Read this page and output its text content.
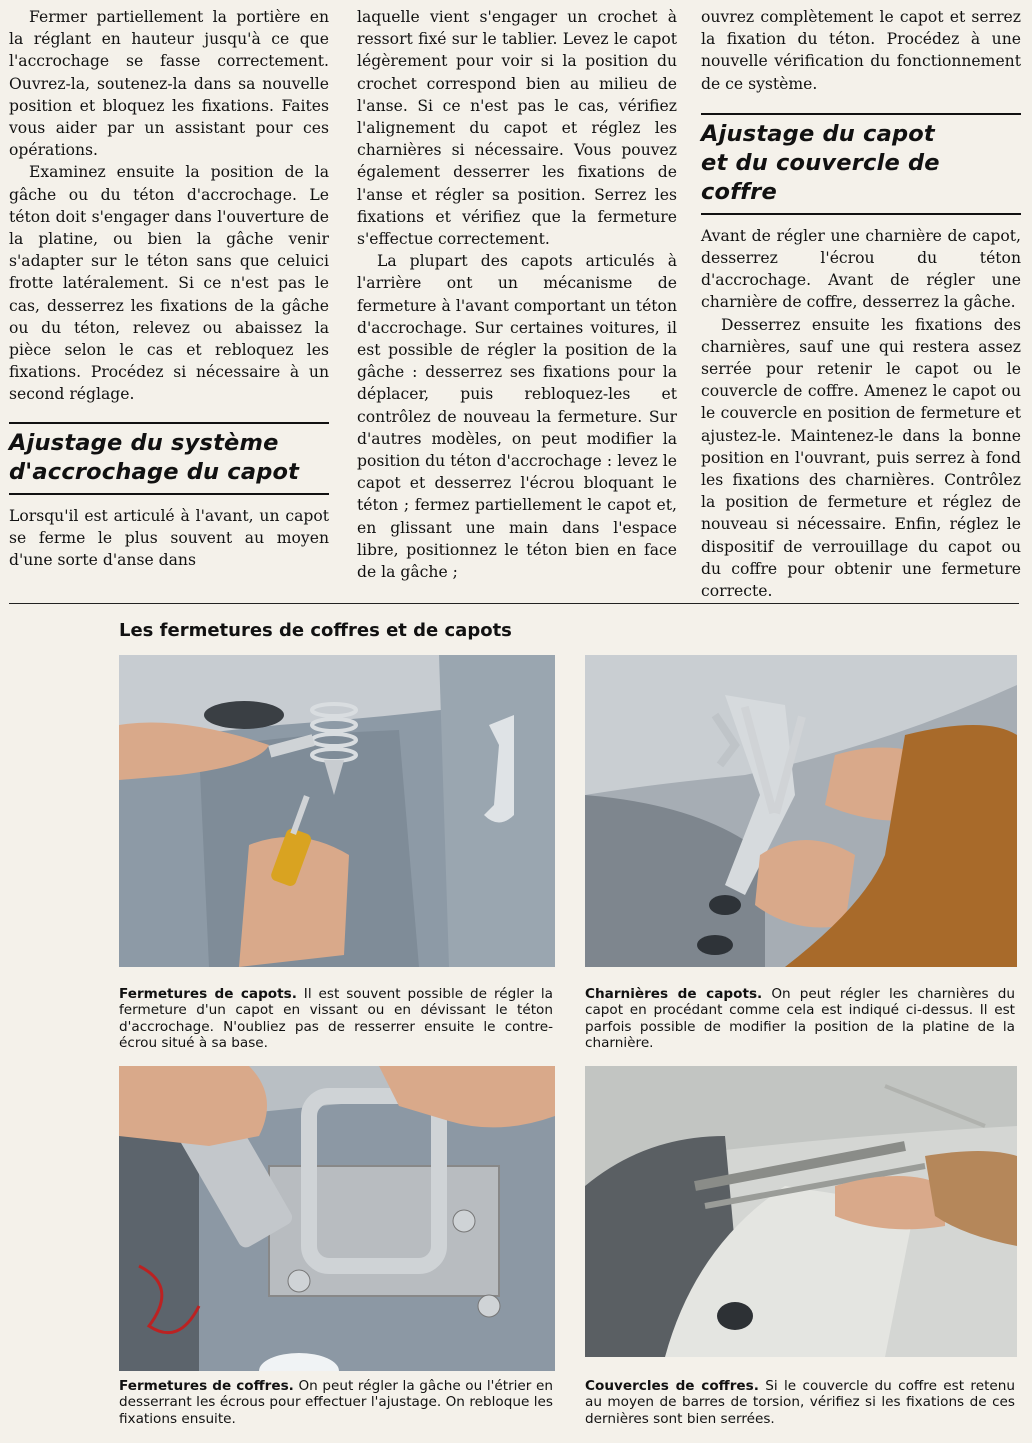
Fermer partiellement la portière en la réglant en hauteur jusqu'à ce que l'accrochage se fasse correctement. Ouvrez-la, soutenez-la dans sa nouvelle position et bloquez les fixations. Faites vous aider par un assistant pour ces opérations.

Examinez ensuite la position de la gâche ou du téton d'accrochage. Le téton doit s'engager dans l'ouverture de la platine, ou bien la gâche venir s'adapter sur le téton sans que celuici frotte latéralement. Si ce n'est pas le cas, desserrez les fixations de la gâche ou du téton, relevez ou abaissez la pièce selon le cas et rebloquez les fixations. Procédez si nécessaire à un second réglage.

Ajustage du système
d'accrochage du capot

Lorsqu'il est articulé à l'avant, un capot se ferme le plus souvent au moyen d'une sorte d'anse dans

laquelle vient s'engager un crochet à ressort fixé sur le tablier. Levez le capot légèrement pour voir si la position du crochet correspond bien au milieu de l'anse. Si ce n'est pas le cas, vérifiez l'alignement du capot et réglez les charnières si nécessaire. Vous pouvez également desserrer les fixations de l'anse et régler sa position. Serrez les fixations et vérifiez que la fermeture s'effectue correctement.

La plupart des capots articulés à l'arrière ont un mécanisme de fermeture à l'avant comportant un téton d'accrochage. Sur certaines voitures, il est possible de régler la position de la gâche : desserrez ses fixations pour la déplacer, puis rebloquez-les et contrôlez de nouveau la fermeture. Sur d'autres modèles, on peut modifier la position du téton d'accrochage : levez le capot et desserrez l'écrou bloquant le téton ; fermez partiellement le capot et, en glissant une main dans l'espace libre, positionnez le téton bien en face de la gâche ;

ouvrez complètement le capot et serrez la fixation du téton. Procédez à une nouvelle vérification du fonctionnement de ce système.

Ajustage du capot
et du couvercle de coffre

Avant de régler une charnière de capot, desserrez l'écrou du téton d'accrochage. Avant de régler une charnière de coffre, desserrez la gâche.

Desserrez ensuite les fixations des charnières, sauf une qui restera assez serrée pour retenir le capot ou le couvercle de coffre. Amenez le capot ou le couvercle en position de fermeture et ajustez-le. Maintenez-le dans la bonne position en l'ouvrant, puis serrez à fond les fixations des charnières. Contrôlez la position de fermeture et réglez de nouveau si nécessaire. Enfin, réglez le dispositif de verrouillage du capot ou du coffre pour obtenir une fermeture correcte.

Les fermetures de coffres et de capots
Fermetures de capots. Il est souvent possible de régler la fermeture d'un capot en vissant ou en dévissant le téton d'accrochage. N'oubliez pas de resserrer ensuite le contre-écrou situé à sa base.
Charnières de capots. On peut régler les charnières du capot en procédant comme cela est indiqué ci-dessus. Il est parfois possible de modifier la position de la platine de la charnière.
Fermetures de coffres. On peut régler la gâche ou l'étrier en desserrant les écrous pour effectuer l'ajustage. On rebloque les fixations ensuite.
Couvercles de coffres. Si le couvercle du coffre est retenu au moyen de barres de torsion, vérifiez si les fixations de ces dernières sont bien serrées.
